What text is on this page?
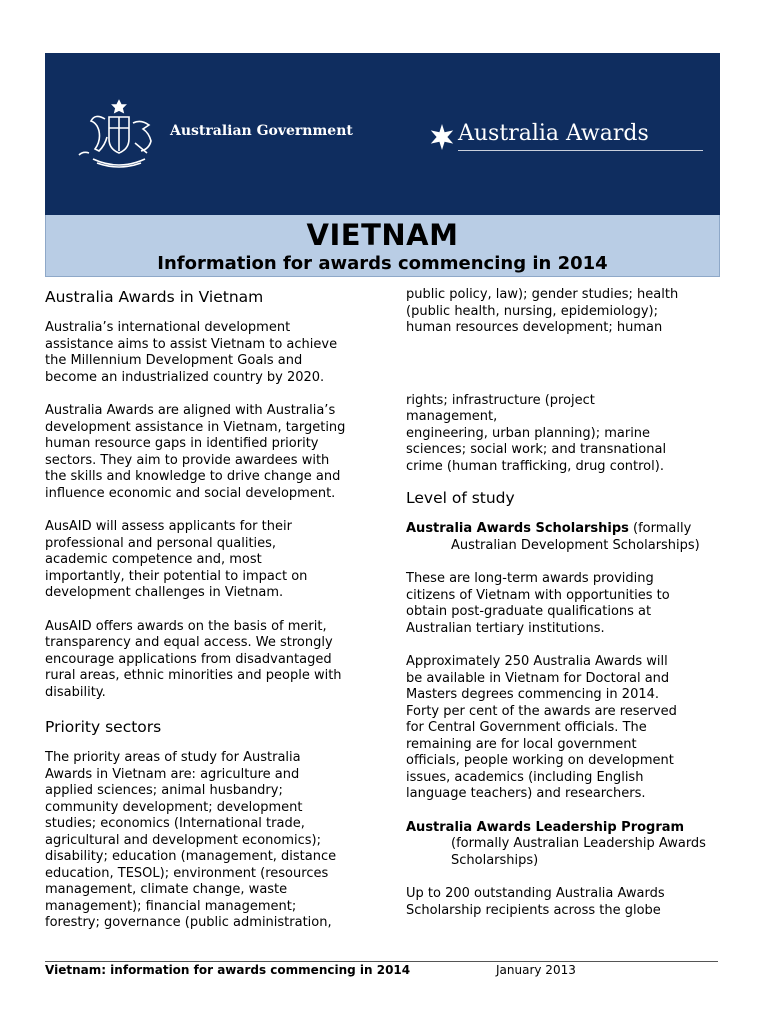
Australian Government	Australia Awards
VIETNAM
Information for awards commencing in 2014
Australia Awards in Vietnam

Australia’s international development
assistance aims to assist Vietnam to achieve
the Millennium Development Goals and
become an industrialized country by 2020.

Australia Awards are aligned with Australia’s
development assistance in Vietnam, targeting
human resource gaps in identified priority
sectors. They aim to provide awardees with
the skills and knowledge to drive change and
influence economic and social development.

AusAID will assess applicants for their
professional and personal qualities,
academic competence and, most
importantly, their potential to impact on
development challenges in Vietnam.

AusAID offers awards on the basis of merit,
transparency and equal access. We strongly
encourage applications from disadvantaged
rural areas, ethnic minorities and people with
disability.

Priority sectors

The priority areas of study for Australia
Awards in Vietnam are: agriculture and
applied sciences; animal husbandry;
community development; development
studies; economics (International trade,
agricultural and development economics);
disability; education (management, distance
education, TESOL); environment (resources
management, climate change, waste
management); financial management;
forestry; governance (public administration,

public policy, law); gender studies; health
(public health, nursing, epidemiology);
human resources development; human

rights; infrastructure (project
management,
engineering, urban planning); marine
sciences; social work; and transnational
crime (human trafficking, drug control).

Level of study

Australia Awards Scholarships (formally
Australian Development Scholarships)

These are long-term awards providing
citizens of Vietnam with opportunities to
obtain post-graduate qualifications at
Australian tertiary institutions.

Approximately 250 Australia Awards will
be available in Vietnam for Doctoral and
Masters degrees commencing in 2014.
Forty per cent of the awards are reserved
for Central Government officials. The
remaining are for local government
officials, people working on development
issues, academics (including English
language teachers) and researchers.

Australia Awards Leadership Program
(formally Australian Leadership Awards
Scholarships)

Up to 200 outstanding Australia Awards
Scholarship recipients across the globe

Vietnam: information for awards commencing in 2014	January 2013
